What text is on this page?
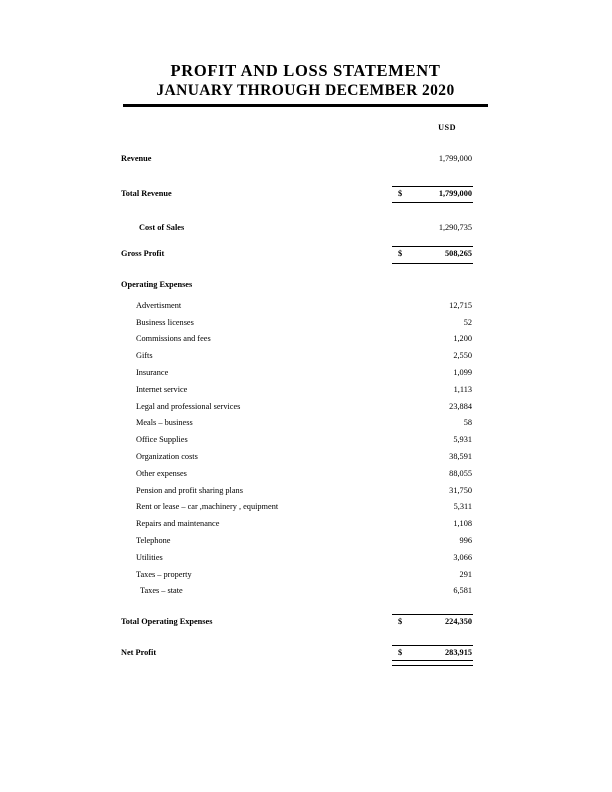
PROFIT AND LOSS STATEMENT
JANUARY THROUGH DECEMBER 2020
USD
Revenue	1,799,000
Total Revenue	$	1,799,000
Cost of Sales	1,290,735
Gross Profit	$	508,265
Operating Expenses
Advertisment	12,715
Business licenses	52
Commissions and fees	1,200
Gifts	2,550
Insurance	1,099
Internet service	1,113
Legal and professional services	23,884
Meals – business	58
Office Supplies	5,931
Organization costs	38,591
Other expenses	88,055
Pension and profit sharing plans	31,750
Rent or lease – car ,machinery , equipment	5,311
Repairs and maintenance	1,108
Telephone	996
Utilities	3,066
Taxes – property	291
Taxes – state	6,581
Total Operating Expenses	$	224,350
Net Profit	$	283,915
